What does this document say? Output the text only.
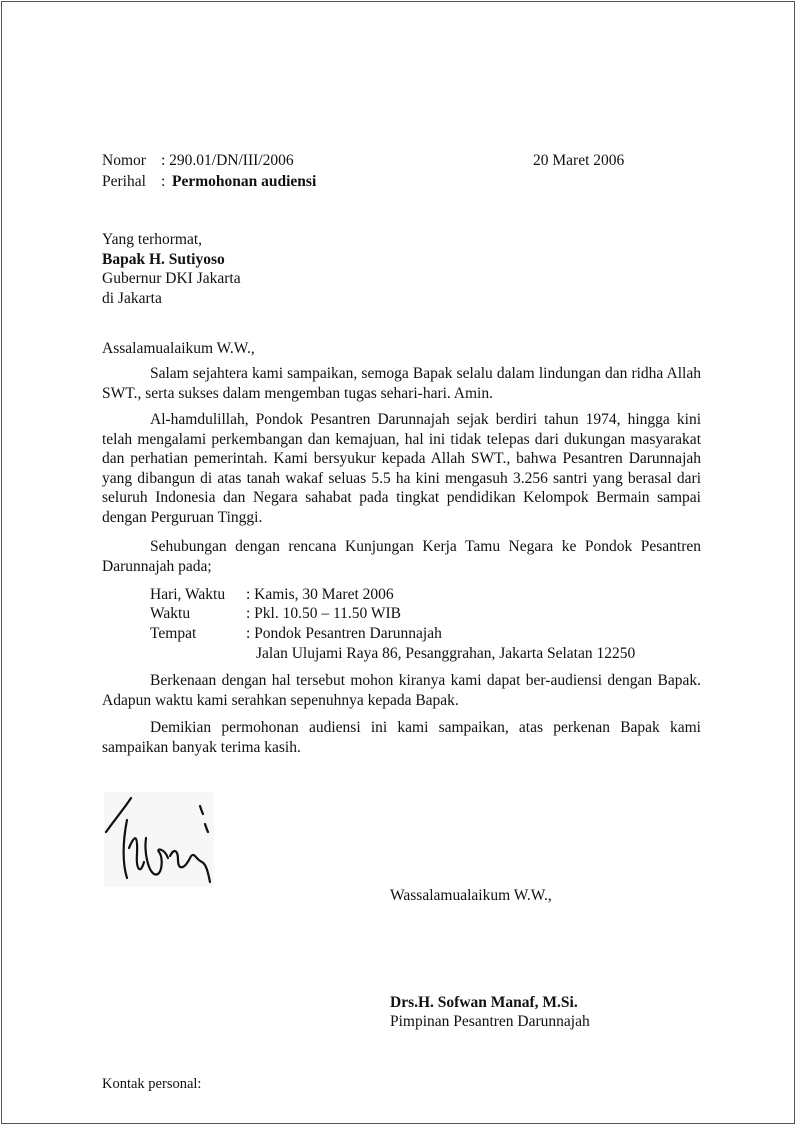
Nomor : 290.01/DN/III/2006	20 Maret 2006
Perihal : Permohonan audiensi
Yang terhormat,
Bapak H. Sutiyoso
Gubernur DKI Jakarta
di Jakarta
Assalamualaikum W.W.,

Salam sejahtera kami sampaikan, semoga Bapak selalu dalam lindungan dan ridha Allah SWT., serta sukses dalam mengemban tugas sehari-hari. Amin.

Al-hamdulillah, Pondok Pesantren Darunnajah sejak berdiri tahun 1974, hingga kini telah mengalami perkembangan dan kemajuan, hal ini tidak telepas dari dukungan masyarakat dan perhatian pemerintah. Kami bersyukur kepada Allah SWT., bahwa Pesantren Darunnajah yang dibangun di atas tanah wakaf seluas 5.5 ha kini mengasuh 3.256 santri yang berasal dari seluruh Indonesia dan Negara sahabat pada tingkat pendidikan Kelompok Bermain sampai dengan Perguruan Tinggi.

Sehubungan dengan rencana Kunjungan Kerja Tamu Negara ke Pondok Pesantren Darunnajah pada;

Hari, Waktu : Kamis, 30 Maret 2006
Waktu	: Pkl. 10.50 – 11.50 WIB
Tempat	: Pondok Pesantren Darunnajah
Jalan Ulujami Raya 86, Pesanggrahan, Jakarta Selatan 12250

Berkenaan dengan hal tersebut mohon kiranya kami dapat ber-audiensi dengan Bapak. Adapun waktu kami serahkan sepenuhnya kepada Bapak.

Demikian permohonan audiensi ini kami sampaikan, atas perkenan Bapak kami sampaikan banyak terima kasih.

Wassalamualaikum W.W.,
Drs.H. Sofwan Manaf, M.Si.
Pimpinan Pesantren Darunnajah
Kontak personal:
